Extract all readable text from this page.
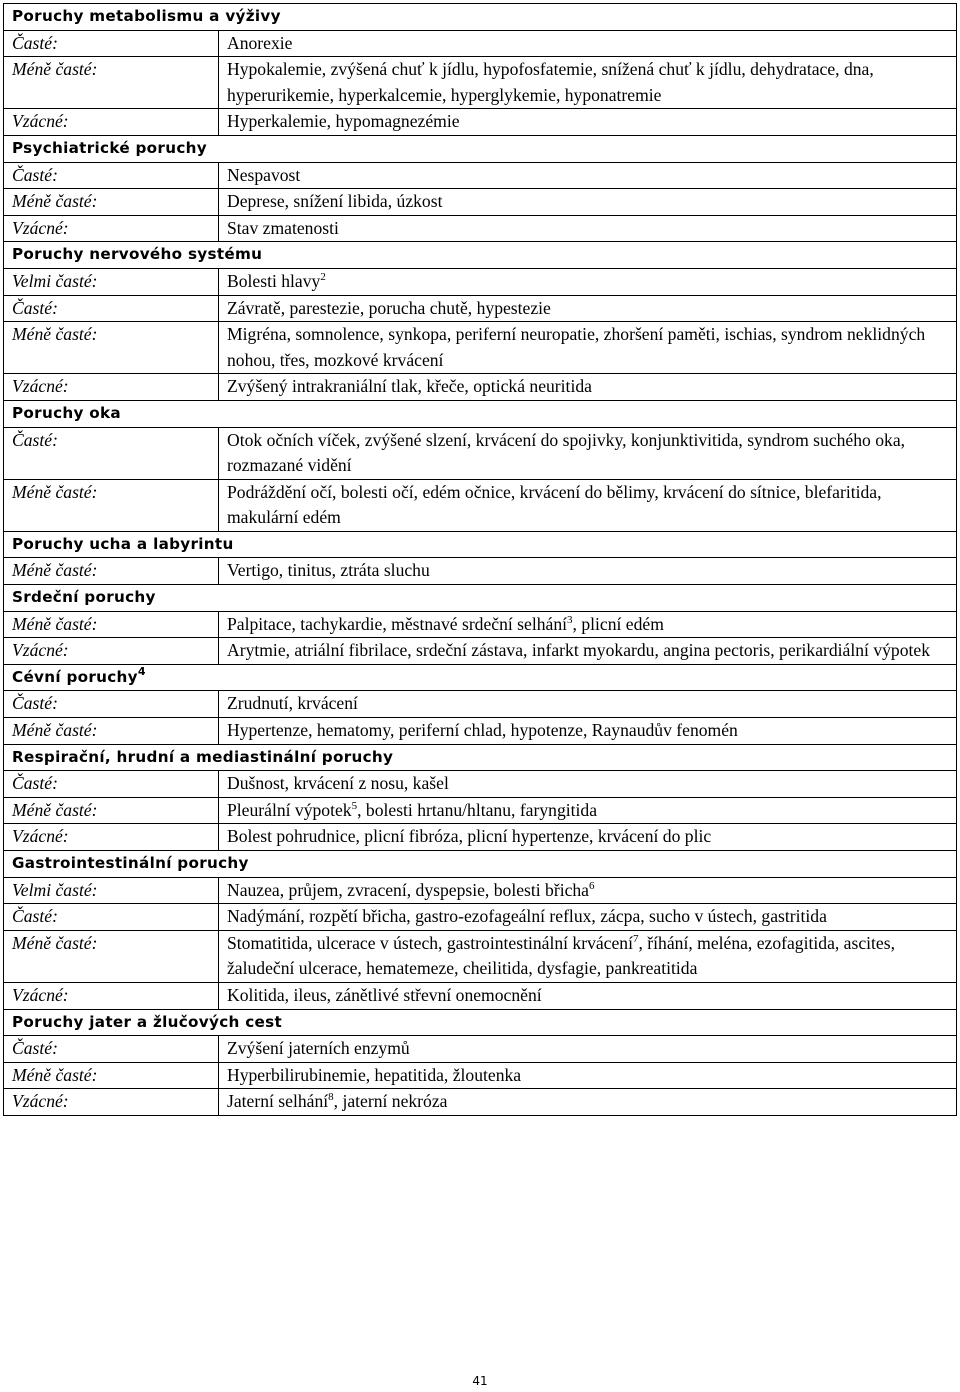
Poruchy metabolismu a výživy	
Časté:	Anorexie
Méně časté:	Hypokalemie, zvýšená chuť k jídlu, hypofosfatemie, snížená chuť k jídlu, dehydratace, dna, hyperurikemie, hyperkalcemie, hyperglykemie, hyponatremie
Vzácné:	Hyperkalemie, hypomagnezémie
Psychiatrické poruchy	
Časté:	Nespavost
Méně časté:	Deprese, snížení libida, úzkost
Vzácné:	Stav zmatenosti
Poruchy nervového systému	
Velmi časté:	Bolesti hlavy$^2$
Časté:	Závratě, parestezie, porucha chutě, hypestezie
Méně časté:	Migréna, somnolence, synkopa, periferní neuropatie, zhoršení paměti, ischias, syndrom neklidných nohou, třes, mozkové krvácení
Vzácné:	Zvýšený intrakraniální tlak, křeče, optická neuritida
Poruchy oka	
Časté:	Otok očních víček, zvýšené slzení, krvácení do spojivky, konjunktivitida, syndrom suchého oka, rozmazané vidění
Méně časté:	Podráždění očí, bolesti očí, edém očnice, krvácení do bělimy, krvácení do sítnice, blefaritida, makulární edém
Poruchy ucha a labyrintu	
Méně časté:	Vertigo, tinitus, ztráta sluchu
Srdeční poruchy	
Méně časté:	Palpitace, tachykardie, městnavé srdeční selhání$^3$, plicní edém
Vzácné:	Arytmie, atriální fibrilace, srdeční zástava, infarkt myokardu, angina pectoris, perikardiální výpotek
Cévní poruchy$^4$
Časté:	Zrudnutí, krvácení
Méně časté:	Hypertenze, hematomy, periferní chlad, hypotenze, Raynaudův fenomén
Respirační, hrudní a mediastinální poruchy	
Časté:	Dušnost, krvácení z nosu, kašel
Méně časté:	Pleurální výpotek$^5$, bolesti hrtanu/hltanu, faryngitida
Vzácné:	Bolest pohrudnice, plicní fibróza, plicní hypertenze, krvácení do plic
Gastrointestinální poruchy	
Velmi časté:	Nauzea, průjem, zvracení, dyspepsie, bolesti břicha$^6$
Časté:	Nadýmání, rozpětí břicha, gastro-ezofageální reflux, zácpa, sucho v ústech, gastritida
Méně časté:	Stomatitida, ulcerace v ústech, gastrointestinální krvácení$^7$, říhání, meléna, ezofagitida, ascites, žaludeční ulcerace, hematemeze, cheilitida, dysfagie, pankreatitida
Vzácné:	Kolitida, ileus, zánětlivé střevní onemocnění
Poruchy jater a žlučových cest	
Časté:	Zvýšení jaterních enzymů
Méně časté:	Hyperbilirubinemie, hepatitida, žloutenka
Vzácné:	Jaterní selhání$^8$, jaterní nekróza
41
